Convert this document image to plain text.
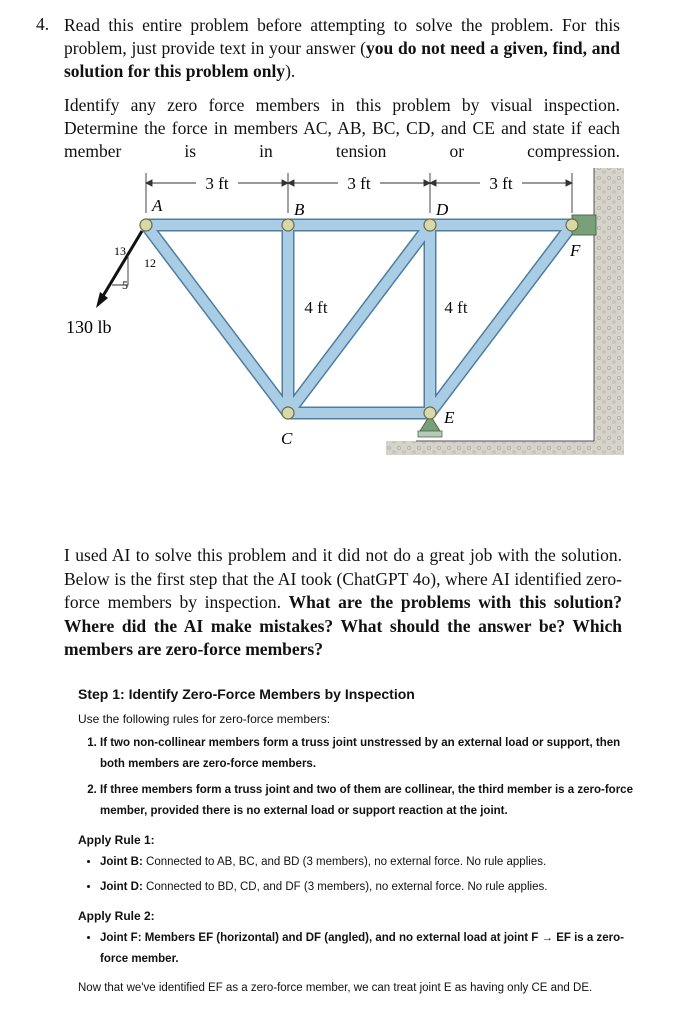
4. Read this entire problem before attempting to solve the problem. For this problem, just provide text in your answer (you do not need a given, find, and solution for this problem only).
Identify any zero force members in this problem by visual inspection.
Determine the force in members AC, AB, BC, CD, and CE and state if each
member is in tension or compression.
3 ft	3 ft	3 ft
A	B	D
F
C
E
13
12
5
130 lb
4 ft	4 ft
I used AI to solve this problem and it did not do a great job with the solution. Below is the first step that the AI took (ChatGPT 4o), where AI identified zero-force members by inspection. What are the problems with this solution? Where did the AI make mistakes? What should the answer be? Which members are zero-force members?

Step 1: Identify Zero-Force Members by Inspection

Use the following rules for zero-force members:

1. If two non-collinear members form a truss joint unstressed by an external load or support, then both members are zero-force members.
2. If three members form a truss joint and two of them are collinear, the third member is a zero-force member, provided there is no external load or support reaction at the joint.

Apply Rule 1:

• Joint B: Connected to AB, BC, and BD (3 members), no external force. No rule applies.
• Joint D: Connected to BD, CD, and DF (3 members), no external force. No rule applies.

Apply Rule 2:

• Joint F: Members EF (horizontal) and DF (angled), and no external load at joint F → EF is a zero-force member.

Now that we've identified EF as a zero-force member, we can treat joint E as having only CE and DE.
